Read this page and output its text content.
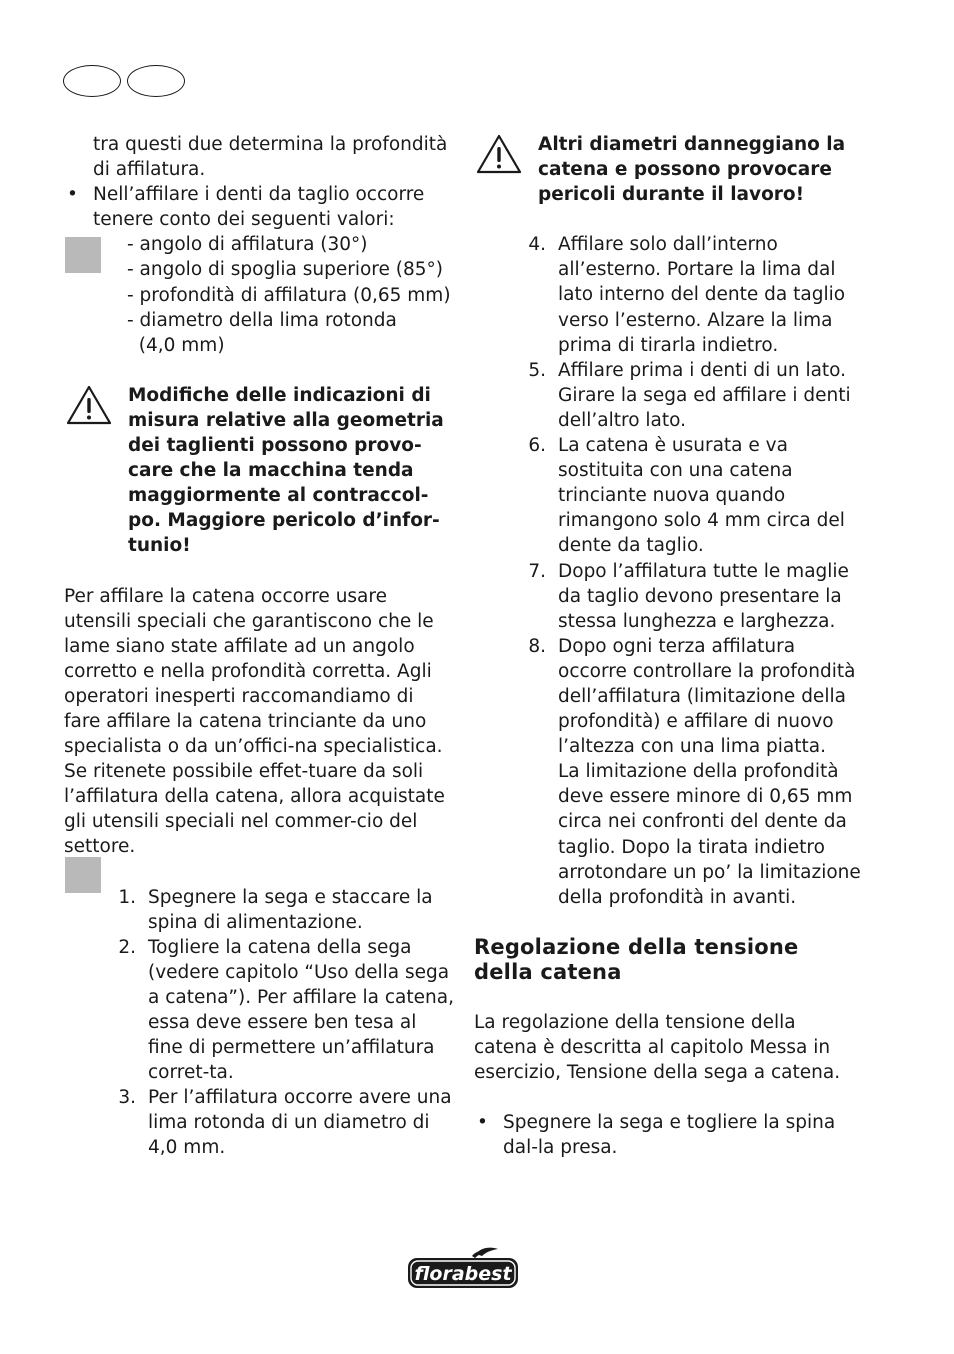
tra questi due determina la profondità di affilatura.

• Nell’affilare i denti da taglio occorre tenere conto dei seguenti valori:
- angolo di affilatura (30°)
- angolo di spoglia superiore (85°)
- profondità di affilatura (0,65 mm)
- diametro della lima rotonda
(4,0 mm)
Modifiche delle indicazioni di misura relative alla geometria dei taglienti possono provo-care che la macchina tenda maggiormente al contraccol-po. Maggiore pericolo d’infor-tunio!

Per affilare la catena occorre usare utensili speciali che garantiscono che le lame siano state affilate ad un angolo corretto e nella profondità corretta. Agli operatori inesperti raccomandiamo di fare affilare la catena trinciante da uno specialista o da un’offici-na specialistica. Se ritenete possibile effet-tuare da soli l’affilatura della catena, allora acquistate gli utensili speciali nel commer-cio del settore.

1. Spegnere la sega e staccare la spina di alimentazione.
2. Togliere la catena della sega (vedere capitolo “Uso della sega a catena”). Per affilare la catena, essa deve essere ben tesa al fine di permettere un’affilatura corret-ta.
3. Per l’affilatura occorre avere una lima rotonda di un diametro di 4,0 mm.
Altri diametri danneggiano la catena e possono provocare pericoli durante il lavoro!
4. Affilare solo dall’interno all’esterno. Portare la lima dal lato interno del dente da taglio verso l’esterno. Alzare la lima prima di tirarla indietro.
5. Affilare prima i denti di un lato. Girare la sega ed affilare i denti dell’altro lato.
6. La catena è usurata e va sostituita con una catena trinciante nuova quando rimangono solo 4 mm circa del dente da taglio.
7. Dopo l’affilatura tutte le maglie da taglio devono presentare la stessa lunghezza e larghezza.
8. Dopo ogni terza affilatura occorre controllare la profondità dell’affilatura (limitazione della profondità) e affilare di nuovo l’altezza con una lima piatta.
La limitazione della profondità deve essere minore di 0,65 mm circa nei confronti del dente da taglio. Dopo la tirata indietro arrotondare un po’ la limitazione della profondità in avanti.
Regolazione della tensione della catena

La regolazione della tensione della catena è descritta al capitolo Messa in esercizio, Tensione della sega a catena.

• Spegnere la sega e togliere la spina dal-la presa.
florabest
